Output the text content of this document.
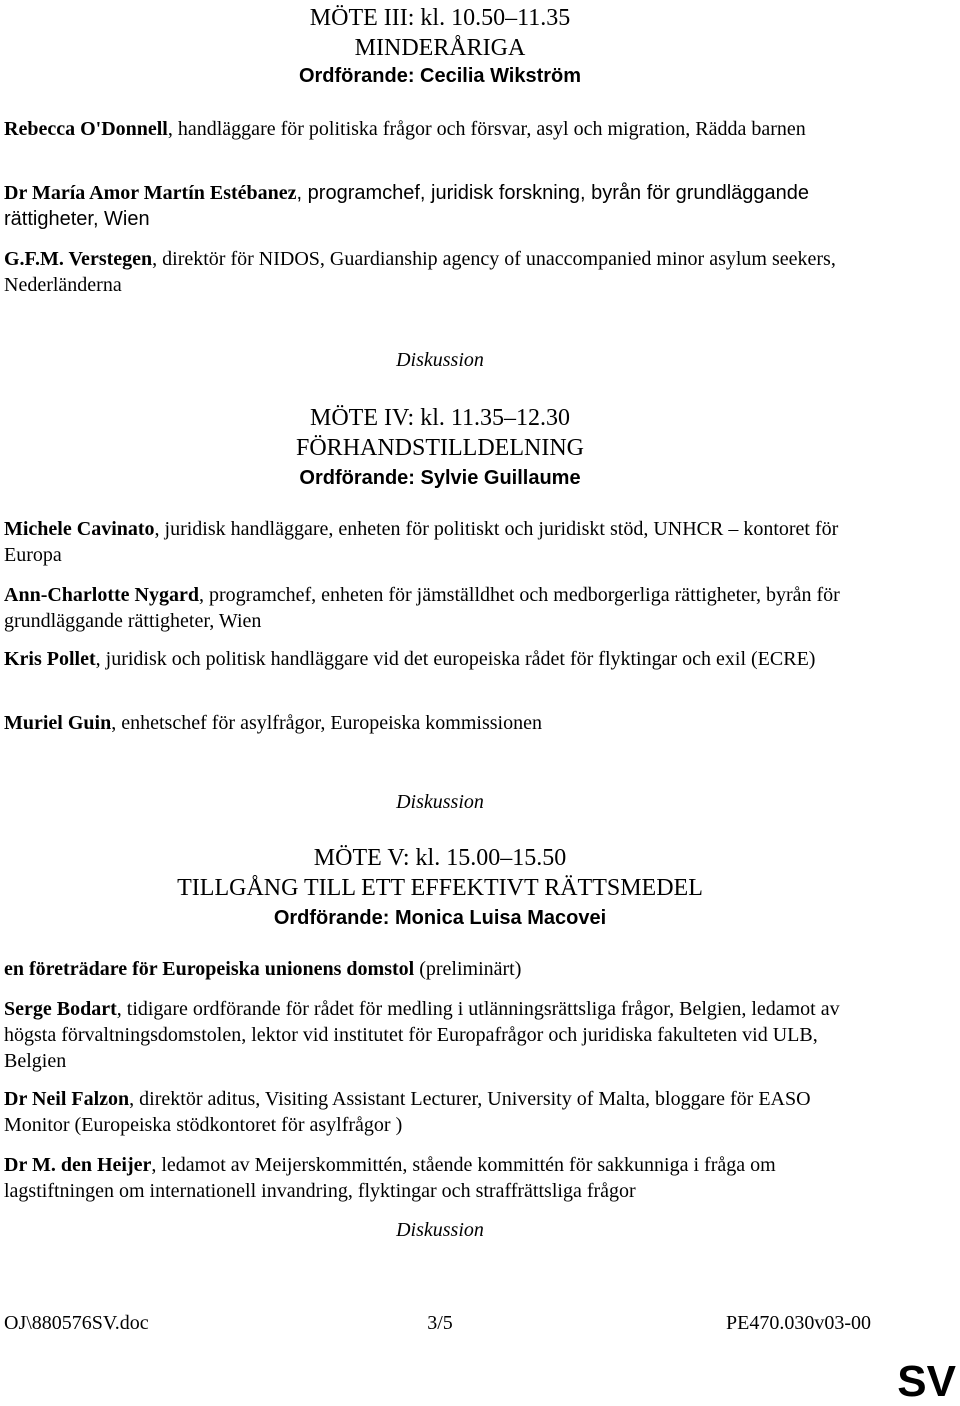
MÖTE III: kl. 10.50–11.35
MINDERÅRIGA
Ordförande: Cecilia Wikström
Rebecca O'Donnell, handläggare för politiska frågor och försvar, asyl och migration, Rädda barnen
Dr María Amor Martín Estébanez, programchef, juridisk forskning, byrån för grundläggande rättigheter, Wien
G.F.M. Verstegen, direktör för NIDOS, Guardianship agency of unaccompanied minor asylum seekers, Nederländerna
Diskussion
MÖTE IV: kl. 11.35–12.30
FÖRHANDSTILLDELNING
Ordförande: Sylvie Guillaume
Michele Cavinato, juridisk handläggare, enheten för politiskt och juridiskt stöd, UNHCR – kontoret för Europa
Ann-Charlotte Nygard, programchef, enheten för jämställdhet och medborgerliga rättigheter, byrån för grundläggande rättigheter, Wien
Kris Pollet, juridisk och politisk handläggare vid det europeiska rådet för flyktingar och exil (ECRE)
Muriel Guin, enhetschef för asylfrågor, Europeiska kommissionen
Diskussion
MÖTE V: kl. 15.00–15.50
TILLGÅNG TILL ETT EFFEKTIVT RÄTTSMEDEL
Ordförande: Monica Luisa Macovei
en företrädare för Europeiska unionens domstol (preliminärt)
Serge Bodart, tidigare ordförande för rådet för medling i utlänningsrättsliga frågor, Belgien, ledamot av högsta förvaltningsdomstolen, lektor vid institutet för Europafrågor och juridiska fakulteten vid ULB, Belgien
Dr Neil Falzon, direktör aditus, Visiting Assistant Lecturer, University of Malta, bloggare för EASO Monitor (Europeiska stödkontoret för asylfrågor )
Dr M. den Heijer, ledamot av Meijerskommittén, stående kommittén för sakkunniga i fråga om lagstiftningen om internationell invandring, flyktingar och straffrättsliga frågor
Diskussion
OJ\880576SV.doc	3/5	PE470.030v03-00
SV
